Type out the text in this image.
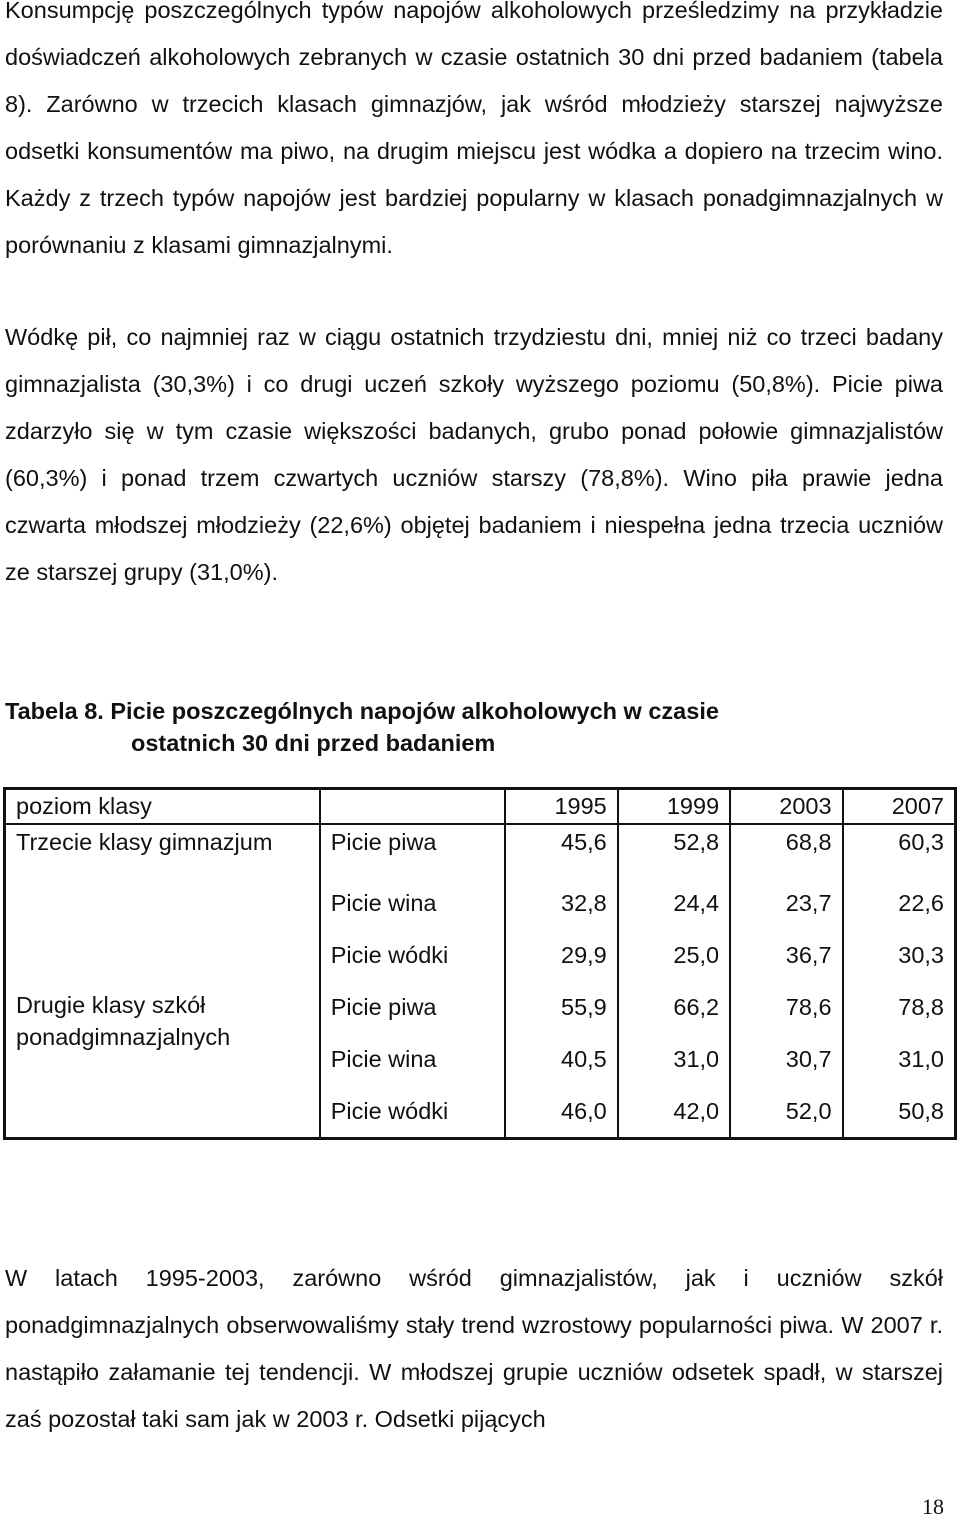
Konsumpcję poszczególnych typów napojów alkoholowych prześledzimy na przykładzie doświadczeń alkoholowych zebranych w czasie ostatnich 30 dni przed badaniem (tabela 8). Zarówno w trzecich klasach gimnazjów, jak wśród młodzieży starszej najwyższe odsetki konsumentów ma piwo, na drugim miejscu jest wódka a dopiero na trzecim wino. Każdy z trzech typów napojów jest bardziej popularny w klasach ponadgimnazjalnych w porównaniu z klasami gimnazjalnymi.

Wódkę pił, co najmniej raz w ciągu ostatnich trzydziestu dni, mniej niż co trzeci badany gimnazjalista (30,3%) i co drugi uczeń szkoły wyższego poziomu (50,8%). Picie piwa zdarzyło się w tym czasie większości badanych, grubo ponad połowie gimnazjalistów (60,3%) i ponad trzem czwartych uczniów starszy (78,8%). Wino piła prawie jedna czwarta młodszej młodzieży (22,6%) objętej badaniem i niespełna jedna trzecia uczniów ze starszej grupy (31,0%).

Tabela 8. Picie poszczególnych napojów alkoholowych w czasie
ostatnich 30 dni przed badaniem
poziom klasy		1995	1999	2003	2007
Trzecie klasy gimnazjum	Picie piwa	45,6	52,8	68,8	60,3
	Picie wina	32,8	24,4	23,7	22,6
	Picie wódki	29,9	25,0	36,7	30,3
Drugie klasy szkół ponadgimnazjalnych	Picie piwa	55,9	66,2	78,6	78,8
	Picie wina	40,5	31,0	30,7	31,0
	Picie wódki	46,0	42,0	52,0	50,8

W latach 1995-2003, zarówno wśród gimnazjalistów, jak i uczniów szkół ponadgimnazjalnych obserwowaliśmy stały trend wzrostowy popularności piwa. W 2007 r. nastąpiło załamanie tej tendencji. W młodszej grupie uczniów odsetek spadł, w starszej zaś pozostał taki sam jak w 2003 r. Odsetki pijących

18
